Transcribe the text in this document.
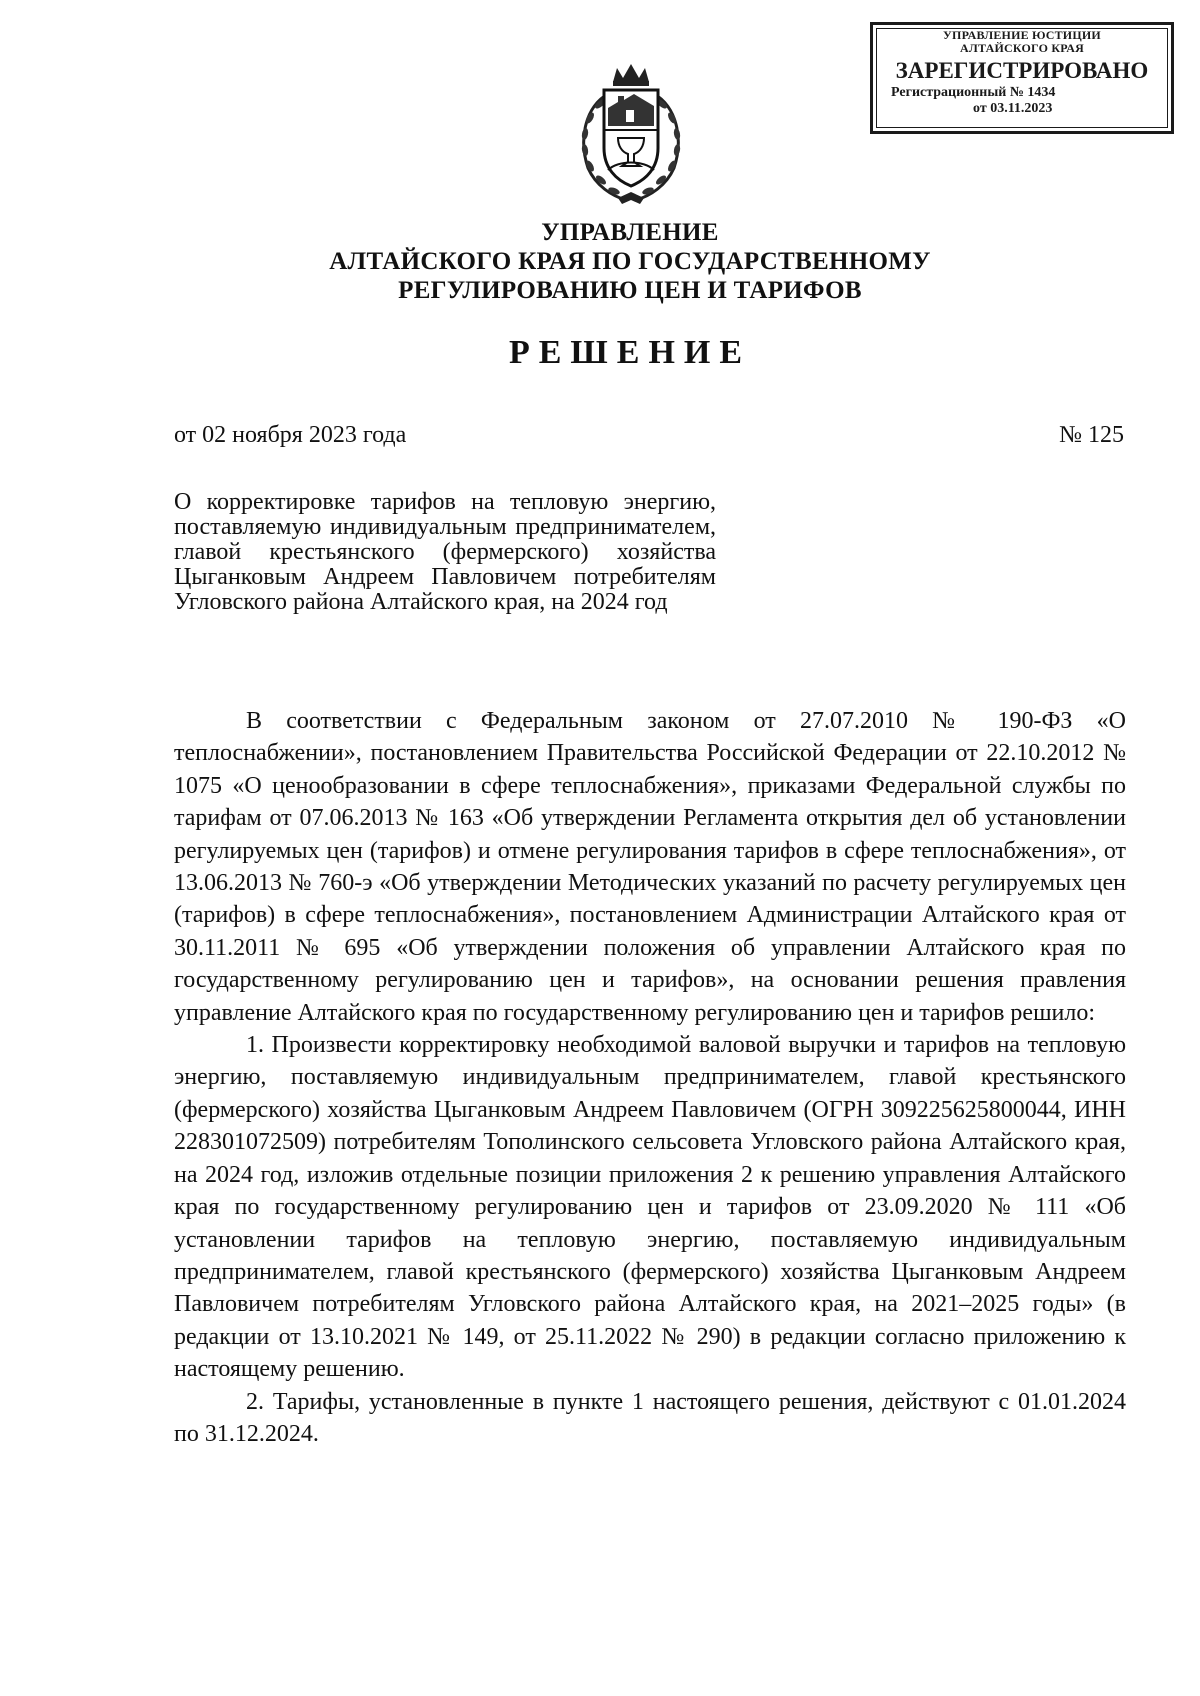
УПРАВЛЕНИЕ ЮСТИЦИИ
АЛТАЙСКОГО КРАЯ
ЗАРЕГИСТРИРОВАНО
Регистрационный № 1434
от 03.11.2023
УПРАВЛЕНИЕ
АЛТАЙСКОГО КРАЯ ПО ГОСУДАРСТВЕННОМУ
РЕГУЛИРОВАНИЮ ЦЕН И ТАРИФОВ
РЕШЕНИЕ
от 02 ноября 2023 года	№ 125
О корректировке тарифов на тепловую энергию, поставляемую индивидуальным предпринимателем, главой крестьянского (фермерского) хозяйства Цыганковым Андреем Павловичем потребителям Угловского района Алтайского края, на 2024 год

В соответствии с Федеральным законом от 27.07.2010 № 190-ФЗ «О теплоснабжении», постановлением Правительства Российской Федерации от 22.10.2012 № 1075 «О ценообразовании в сфере теплоснабжения», приказами Федеральной службы по тарифам от 07.06.2013 № 163 «Об утверждении Регламента открытия дел об установлении регулируемых цен (тарифов) и отмене регулирования тарифов в сфере теплоснабжения», от 13.06.2013 № 760-э «Об утверждении Методических указаний по расчету регулируемых цен (тарифов) в сфере теплоснабжения», постановлением Администрации Алтайского края от 30.11.2011 № 695 «Об утверждении положения об управлении Алтайского края по государственному регулированию цен и тарифов», на основании решения правления управление Алтайского края по государственному регулированию цен и тарифов решило:

1. Произвести корректировку необходимой валовой выручки и тарифов на тепловую энергию, поставляемую индивидуальным предпринимателем, главой крестьянского (фермерского) хозяйства Цыганковым Андреем Павловичем (ОГРН 309225625800044, ИНН 228301072509) потребителям Тополинского сельсовета Угловского района Алтайского края, на 2024 год, изложив отдельные позиции приложения 2 к решению управления Алтайского края по государственному регулированию цен и тарифов от 23.09.2020 № 111 «Об установлении тарифов на тепловую энергию, поставляемую индивидуальным предпринимателем, главой крестьянского (фермерского) хозяйства Цыганковым Андреем Павловичем потребителям Угловского района Алтайского края, на 2021–2025 годы» (в редакции от 13.10.2021 № 149, от 25.11.2022 № 290) в редакции согласно приложению к настоящему решению.

2. Тарифы, установленные в пункте 1 настоящего решения, действуют с 01.01.2024 по 31.12.2024.
